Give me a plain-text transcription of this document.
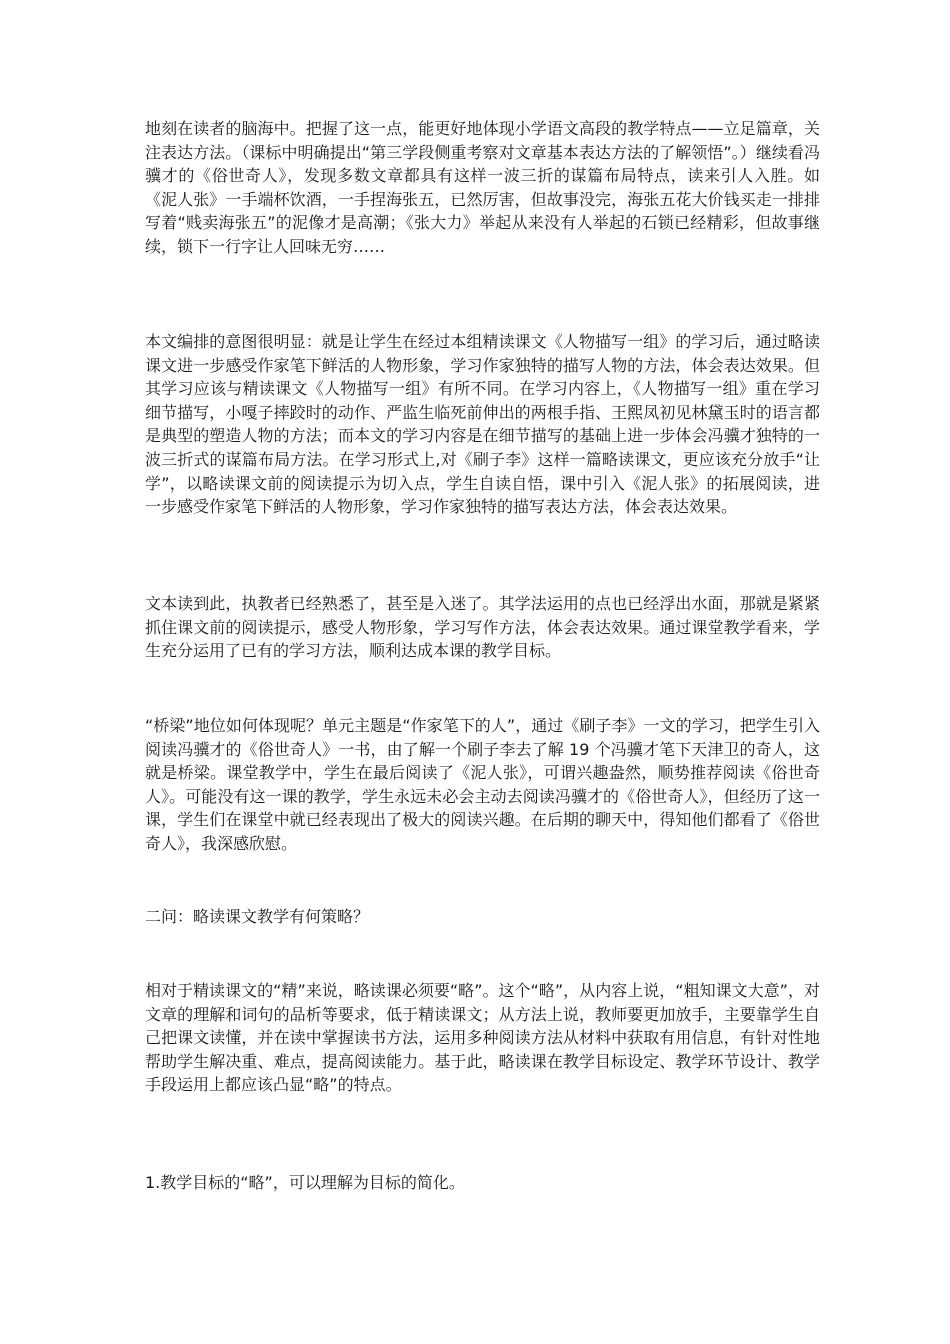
地刻在读者的脑海中。把握了这一点，能更好地体现小学语文高段的教学特点——立足篇章，关注表达方法。（课标中明确提出“第三学段侧重考察对文章基本表达方法的了解领悟”。）继续看冯骥才的《俗世奇人》，发现多数文章都具有这样一波三折的谋篇布局特点，读来引人入胜。如《泥人张》一手端杯饮酒，一手捏海张五，已然厉害，但故事没完，海张五花大价钱买走一排排写着“贱卖海张五”的泥像才是高潮；《张大力》举起从来没有人举起的石锁已经精彩，但故事继续，锁下一行字让人回味无穷……

本文编排的意图很明显：就是让学生在经过本组精读课文《人物描写一组》的学习后，通过略读课文进一步感受作家笔下鲜活的人物形象，学习作家独特的描写人物的方法，体会表达效果。但其学习应该与精读课文《人物描写一组》有所不同。在学习内容上，《人物描写一组》重在学习细节描写，小嘎子摔跤时的动作、严监生临死前伸出的两根手指、王熙凤初见林黛玉时的语言都是典型的塑造人物的方法；而本文的学习内容是在细节描写的基础上进一步体会冯骥才独特的一波三折式的谋篇布局方法。在学习形式上,对《刷子李》这样一篇略读课文，更应该充分放手“让学”，以略读课文前的阅读提示为切入点，学生自读自悟，课中引入《泥人张》的拓展阅读，进一步感受作家笔下鲜活的人物形象，学习作家独特的描写表达方法，体会表达效果。

文本读到此，执教者已经熟悉了，甚至是入迷了。其学法运用的点也已经浮出水面，那就是紧紧抓住课文前的阅读提示，感受人物形象，学习写作方法，体会表达效果。通过课堂教学看来，学生充分运用了已有的学习方法，顺利达成本课的教学目标。

“桥梁”地位如何体现呢？单元主题是“作家笔下的人”，通过《刷子李》一文的学习，把学生引入阅读冯骥才的《俗世奇人》一书，由了解一个刷子李去了解 19 个冯骥才笔下天津卫的奇人，这就是桥梁。课堂教学中，学生在最后阅读了《泥人张》，可谓兴趣盎然，顺势推荐阅读《俗世奇人》。可能没有这一课的教学，学生永远未必会主动去阅读冯骥才的《俗世奇人》，但经历了这一课，学生们在课堂中就已经表现出了极大的阅读兴趣。在后期的聊天中，得知他们都看了《俗世奇人》，我深感欣慰。

二问：略读课文教学有何策略？

相对于精读课文的“精”来说，略读课必须要“略”。这个“略”，从内容上说，“粗知课文大意”，对文章的理解和词句的品析等要求，低于精读课文；从方法上说，教师要更加放手，主要靠学生自己把课文读懂，并在读中掌握读书方法，运用多种阅读方法从材料中获取有用信息，有针对性地帮助学生解决重、难点，提高阅读能力。基于此，略读课在教学目标设定、教学环节设计、教学手段运用上都应该凸显“略”的特点。

1.教学目标的“略”，可以理解为目标的简化。
